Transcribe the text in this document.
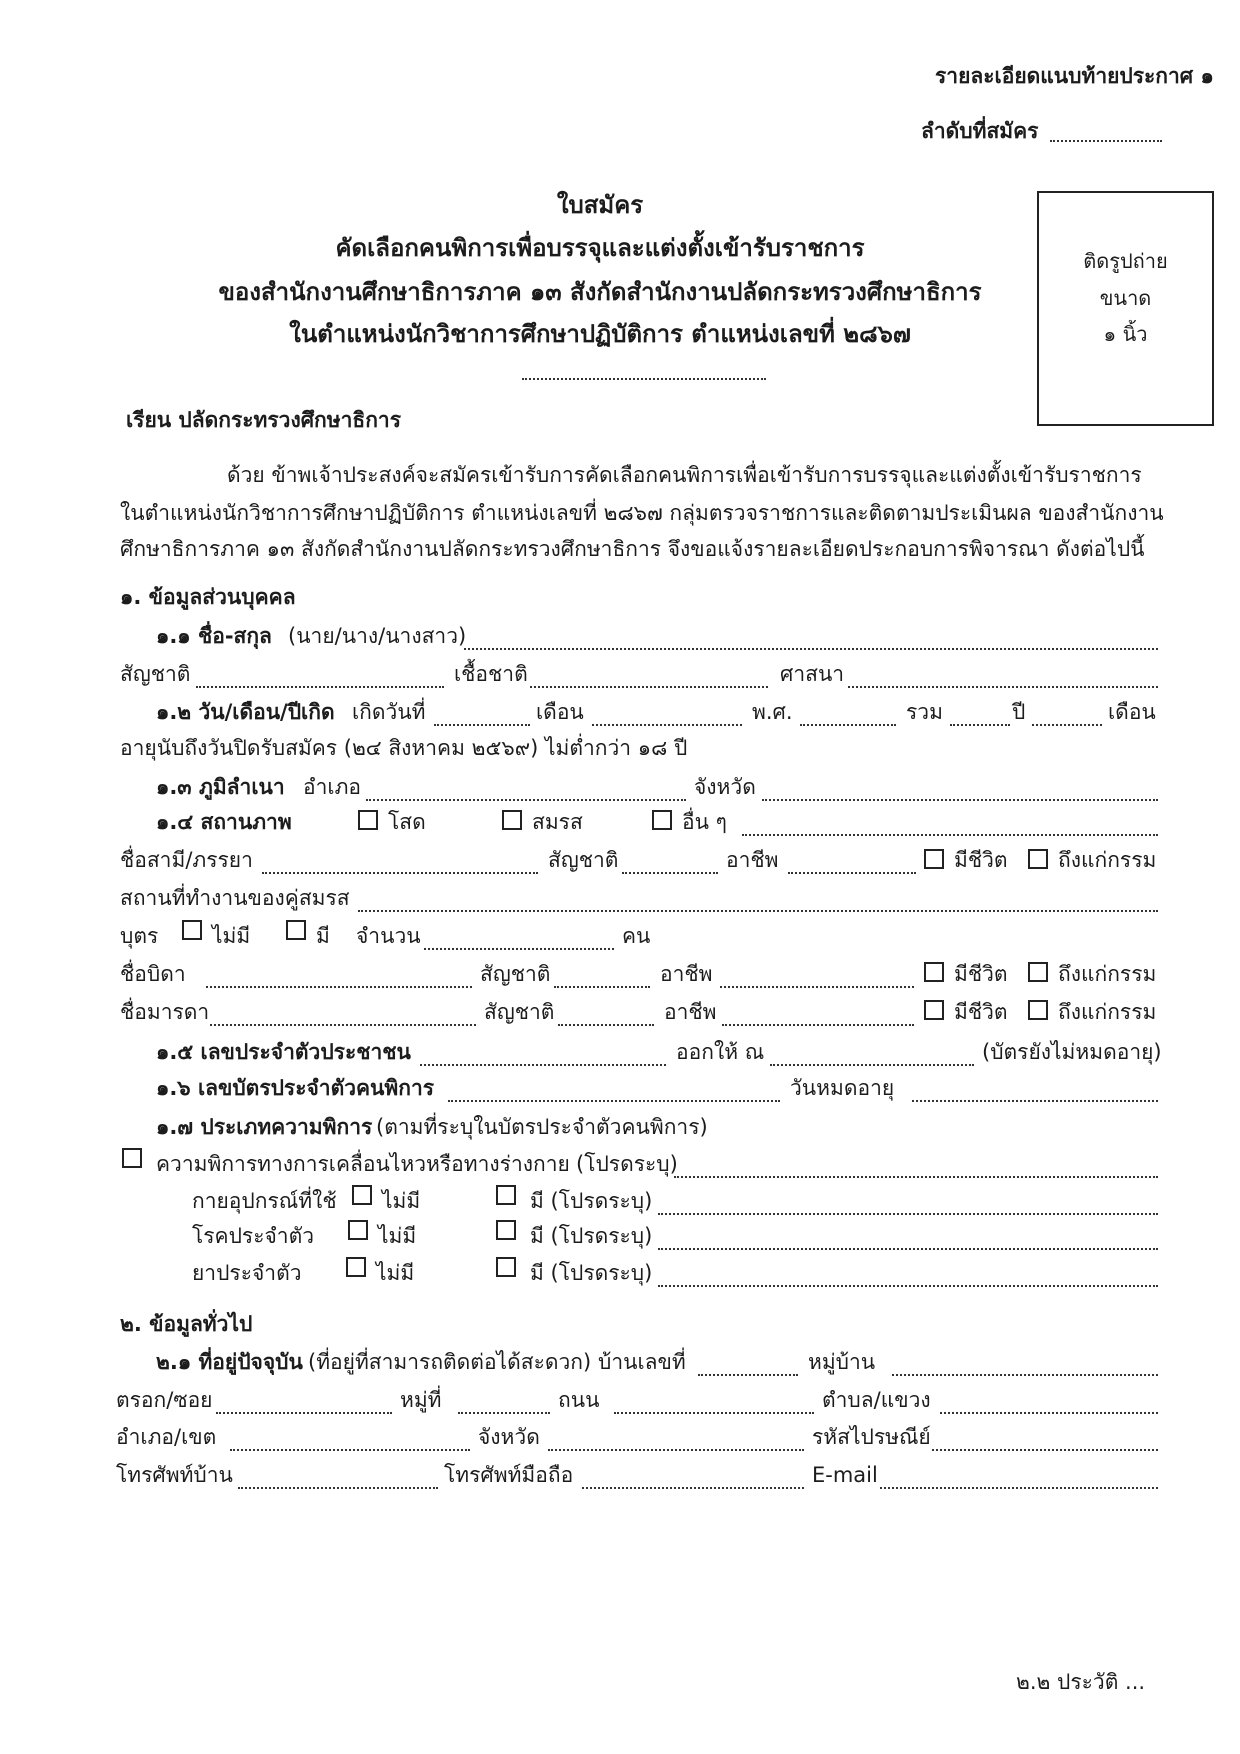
รายละเอียดแนบท้ายประกาศ ๑
ลำดับที่สมัคร
ใบสมัคร
คัดเลือกคนพิการเพื่อบรรจุและแต่งตั้งเข้ารับราชการ
ของสำนักงานศึกษาธิการภาค ๑๓ สังกัดสำนักงานปลัดกระทรวงศึกษาธิการ
ในตำแหน่งนักวิชาการศึกษาปฏิบัติการ ตำแหน่งเลขที่ ๒๘๖๗
ติดรูปถ่าย
ขนาด
๑ นิ้ว
เรียน ปลัดกระทรวงศึกษาธิการ
ด้วย ข้าพเจ้าประสงค์จะสมัครเข้ารับการคัดเลือกคนพิการเพื่อเข้ารับการบรรจุและแต่งตั้งเข้ารับราชการ
ในตำแหน่งนักวิชาการศึกษาปฏิบัติการ ตำแหน่งเลขที่ ๒๘๖๗ กลุ่มตรวจราชการและติดตามประเมินผล ของสำนักงาน
ศึกษาธิการภาค ๑๓ สังกัดสำนักงานปลัดกระทรวงศึกษาธิการ จึงขอแจ้งรายละเอียดประกอบการพิจารณา ดังต่อไปนี้
๑. ข้อมูลส่วนบุคคล
๑.๑ ชื่อ-สกุล (นาย/นาง/นางสาว)
สัญชาติ	เชื้อชาติ	ศาสนา
๑.๒ วัน/เดือน/ปีเกิด เกิดวันที่	เดือน	พ.ศ.	รวม	ปี	เดือน
อายุนับถึงวันปิดรับสมัคร (๒๔ สิงหาคม ๒๕๖๙) ไม่ต่ำกว่า ๑๘ ปี
๑.๓ ภูมิลำเนา อำเภอ	จังหวัด
๑.๔ สถานภาพ	โสด	สมรส	อื่น ๆ
ชื่อสามี/ภรรยา	สัญชาติ	อาชีพ	มีชีวิต ถึงแก่กรรม
สถานที่ทำงานของคู่สมรส
บุตร	ไม่มี	มี จำนวน	คน
ชื่อบิดา	สัญชาติ	อาชีพ	มีชีวิต ถึงแก่กรรม
ชื่อมารดา	สัญชาติ	อาชีพ	มีชีวิต ถึงแก่กรรม
๑.๕ เลขประจำตัวประชาชน	ออกให้ ณ	(บัตรยังไม่หมดอายุ)
๑.๖ เลขบัตรประจำตัวคนพิการ	วันหมดอายุ
๑.๗ ประเภทความพิการ (ตามที่ระบุในบัตรประจำตัวคนพิการ)
ความพิการทางการเคลื่อนไหวหรือทางร่างกาย (โปรดระบุ)
กายอุปกรณ์ที่ใช้ ไม่มี	มี (โปรดระบุ)
โรคประจำตัว	ไม่มี	มี (โปรดระบุ)
ยาประจำตัว	ไม่มี	มี (โปรดระบุ)
๒. ข้อมูลทั่วไป
๒.๑ ที่อยู่ปัจจุบัน (ที่อยู่ที่สามารถติดต่อได้สะดวก) บ้านเลขที่	หมู่บ้าน
ตรอก/ซอย	หมู่ที่	ถนน	ตำบล/แขวง
อำเภอ/เขต	จังหวัด	รหัสไปรษณีย์
โทรศัพท์บ้าน	โทรศัพท์มือถือ	E-mail
๒.๒ ประวัติ ...
